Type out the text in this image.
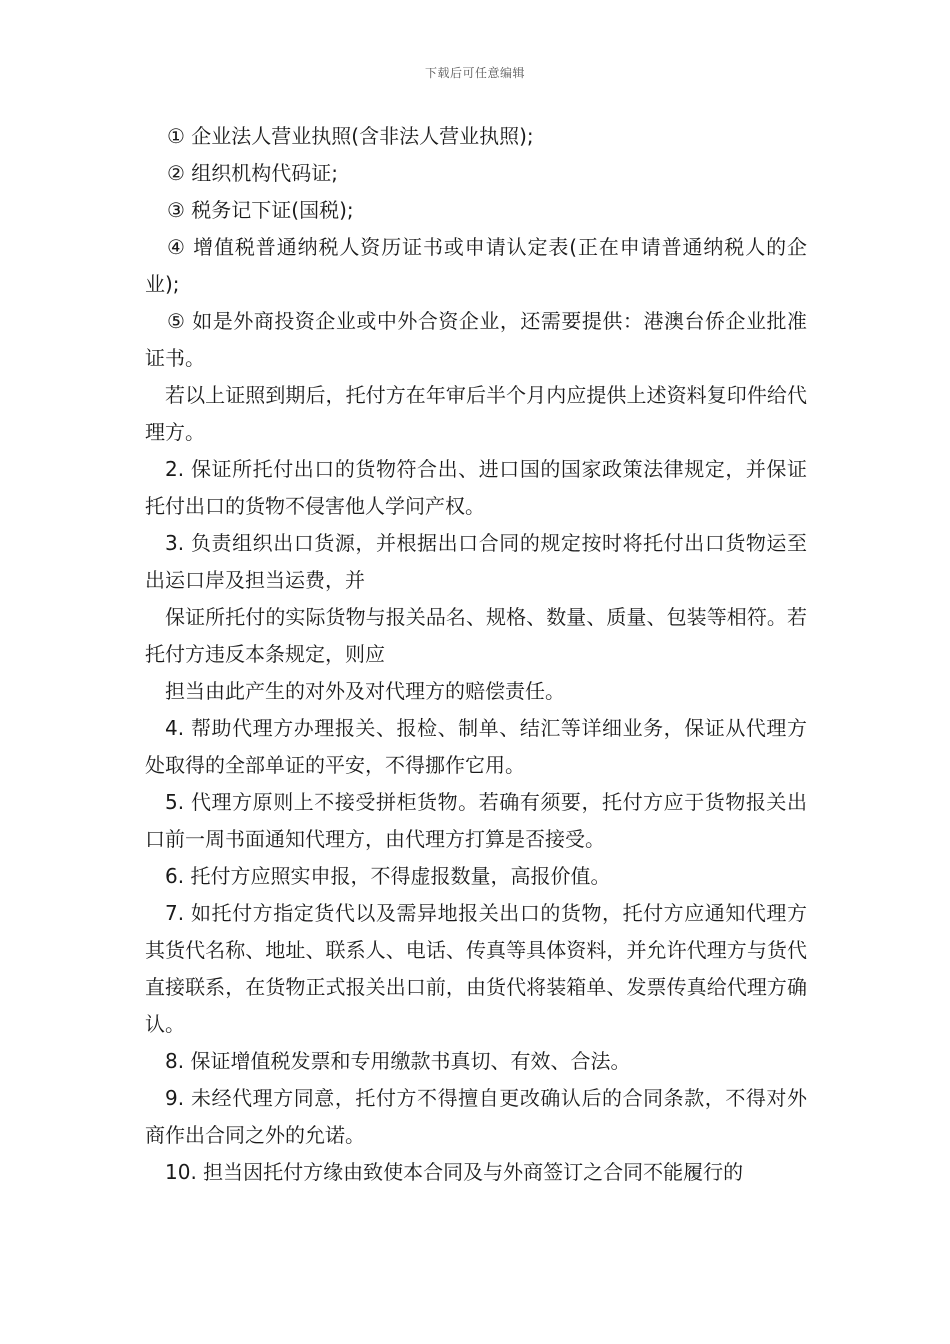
下载后可任意编辑

① 企业法人营业执照(含非法人营业执照);

② 组织机构代码证;

③ 税务记下证(国税);

④ 增值税普通纳税人资历证书或申请认定表(正在申请普通纳税人的企业);

⑤ 如是外商投资企业或中外合资企业，还需要提供：港澳台侨企业批准证书。

若以上证照到期后，托付方在年审后半个月内应提供上述资料复印件给代理方。

2. 保证所托付出口的货物符合出、进口国的国家政策法律规定，并保证托付出口的货物不侵害他人学问产权。

3. 负责组织出口货源，并根据出口合同的规定按时将托付出口货物运至出运口岸及担当运费，并

保证所托付的实际货物与报关品名、规格、数量、质量、包装等相符。若托付方违反本条规定，则应

担当由此产生的对外及对代理方的赔偿责任。

4. 帮助代理方办理报关、报检、制单、结汇等详细业务，保证从代理方处取得的全部单证的平安，不得挪作它用。

5. 代理方原则上不接受拼柜货物。若确有须要，托付方应于货物报关出口前一周书面通知代理方，由代理方打算是否接受。

6. 托付方应照实申报，不得虚报数量，高报价值。

7. 如托付方指定货代以及需异地报关出口的货物，托付方应通知代理方其货代名称、地址、联系人、电话、传真等具体资料，并允许代理方与货代直接联系，在货物正式报关出口前，由货代将装箱单、发票传真给代理方确认。

8. 保证增值税发票和专用缴款书真切、有效、合法。

9. 未经代理方同意，托付方不得擅自更改确认后的合同条款，不得对外商作出合同之外的允诺。

10. 担当因托付方缘由致使本合同及与外商签订之合同不能履行的
